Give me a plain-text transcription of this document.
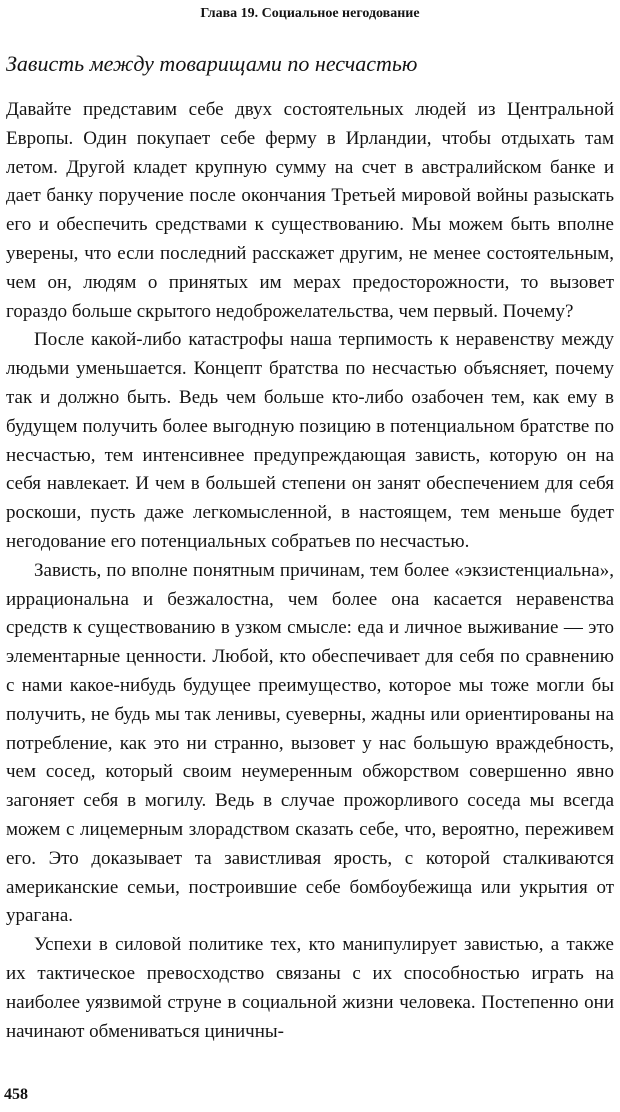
Глава 19. Социальное негодование
Зависть между товарищами по несчастью

Давайте представим себе двух состоятельных людей из Центральной Европы. Один покупает себе ферму в Ирландии, чтобы отдыхать там летом. Другой кладет крупную сумму на счет в австралийском банке и дает банку поручение после окончания Третьей мировой войны разыскать его и обеспечить средствами к существованию. Мы можем быть вполне уверены, что если последний расскажет другим, не менее состоятельным, чем он, людям о принятых им мерах предосторожности, то вызовет гораздо больше скрытого недоброжелательства, чем первый. Почему?

После какой-либо катастрофы наша терпимость к неравенству между людьми уменьшается. Концепт братства по несчастью объясняет, почему так и должно быть. Ведь чем больше кто-либо озабочен тем, как ему в будущем получить более выгодную позицию в потенциальном братстве по несчастью, тем интенсивнее предупреждающая зависть, которую он на себя навлекает. И чем в большей степени он занят обеспечением для себя роскоши, пусть даже легкомысленной, в настоящем, тем меньше будет негодование его потенциальных собратьев по несчастью.

Зависть, по вполне понятным причинам, тем более «экзистенциальна», иррациональна и безжалостна, чем более она касается неравенства средств к существованию в узком смысле: еда и личное выживание — это элементарные ценности. Любой, кто обеспечивает для себя по сравнению с нами какое-нибудь будущее преимущество, которое мы тоже могли бы получить, не будь мы так ленивы, суеверны, жадны или ориентированы на потребление, как это ни странно, вызовет у нас большую враждебность, чем сосед, который своим неумеренным обжорством совершенно явно загоняет себя в могилу. Ведь в случае прожорливого соседа мы всегда можем с лицемерным злорадством сказать себе, что, вероятно, переживем его. Это доказывает та завистливая ярость, с которой сталкиваются американские семьи, построившие себе бомбоубежища или укрытия от урагана.

Успехи в силовой политике тех, кто манипулирует завистью, а также их тактическое превосходство связаны с их способностью играть на наиболее уязвимой струне в социальной жизни человека. Постепенно они начинают обмениваться циничны-

458
